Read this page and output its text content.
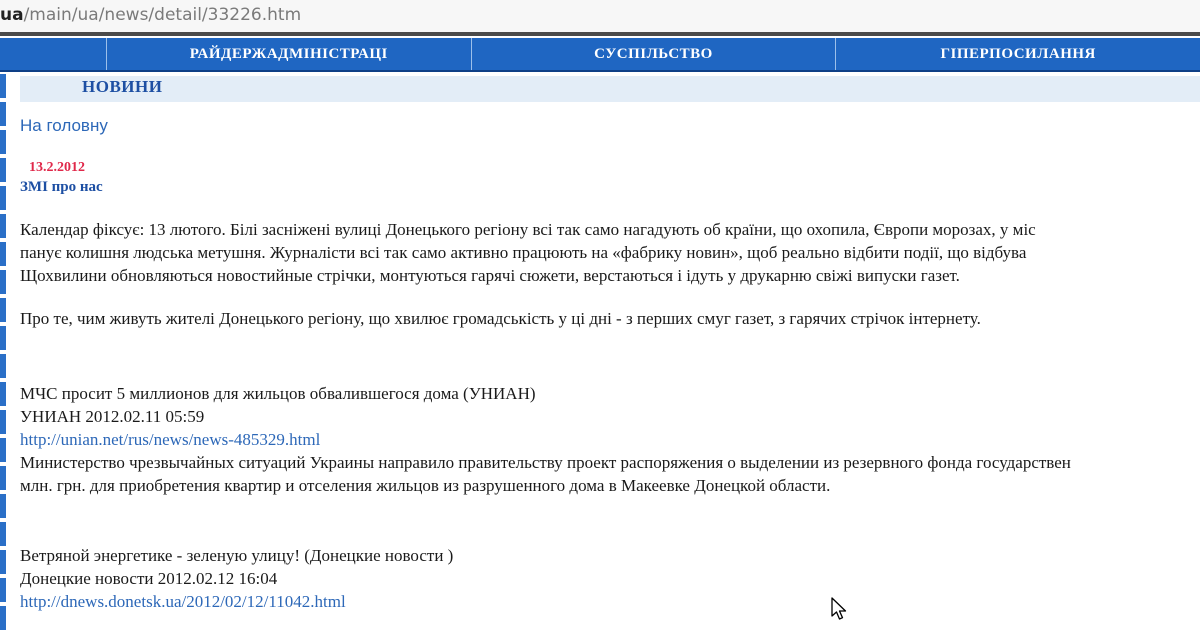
ua/main/ua/news/detail/33226.htm
РАЙДЕРЖАДМІНІСТРАЦІ	СУСПІЛЬСТВО	ГІПЕРПОСИЛАННЯ
НОВИНИ
На головну
13.2.2012
ЗМІ про нас
Календар фіксує: 13 лютого. Білі засніжені вулиці Донецького регіону всі так само нагадують об країни, що охопила, Європи морозах, у міс
панує колишня людська метушня. Журналісти всі так само активно працюють на «фабрику новин», щоб реально відбити події, що відбува
Щохвилини обновляються новостийные стрічки, монтуються гарячі сюжети, верстаються і ідуть у друкарню свіжі випуски газет.
Про те, чим живуть жителі Донецького регіону, що хвилює громадськість у ці дні - з перших смуг газет, з гарячих стрічок інтернету.
МЧС просит 5 миллионов для жильцов обвалившегося дома (УНИАН)
УНИАН 2012.02.11 05:59
http://unian.net/rus/news/news-485329.html
Министерство чрезвычайных ситуаций Украины направило правительству проект распоряжения о выделении из резервного фонда государствен
млн. грн. для приобретения квартир и отселения жильцов из разрушенного дома в Макеевке Донецкой области.
Ветряной энергетике - зеленую улицу! (Донецкие новости )
Донецкие новости 2012.02.12 16:04
http://dnews.donetsk.ua/2012/02/12/11042.html
